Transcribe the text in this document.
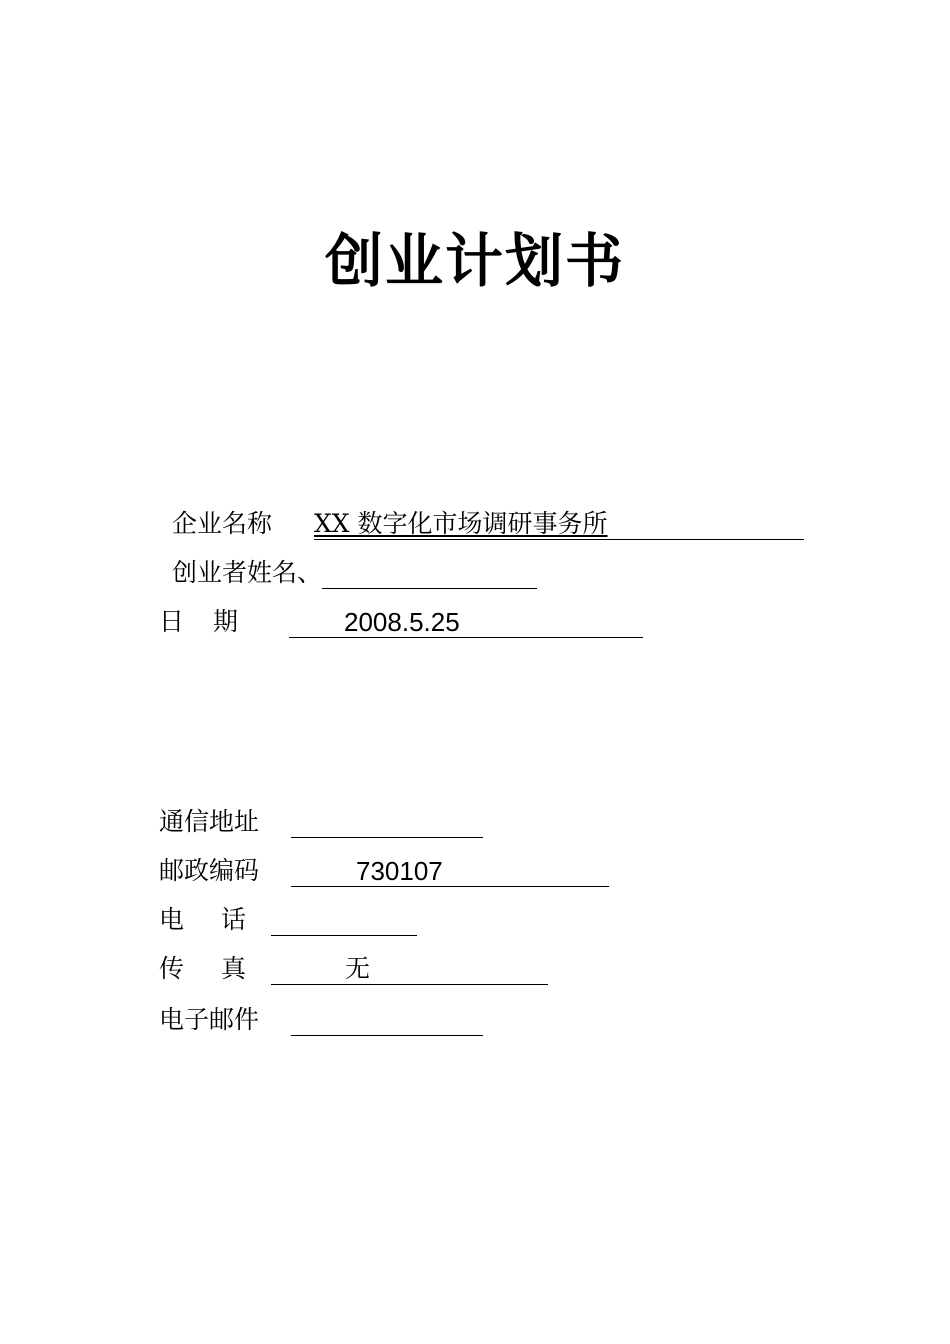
创业计划书
企业名称 XX 数字化市场调研事务所
创业者姓名、
日　期	2008.5.25
通信地址
邮政编码	730107
电　话
传　真	无
电子邮件
